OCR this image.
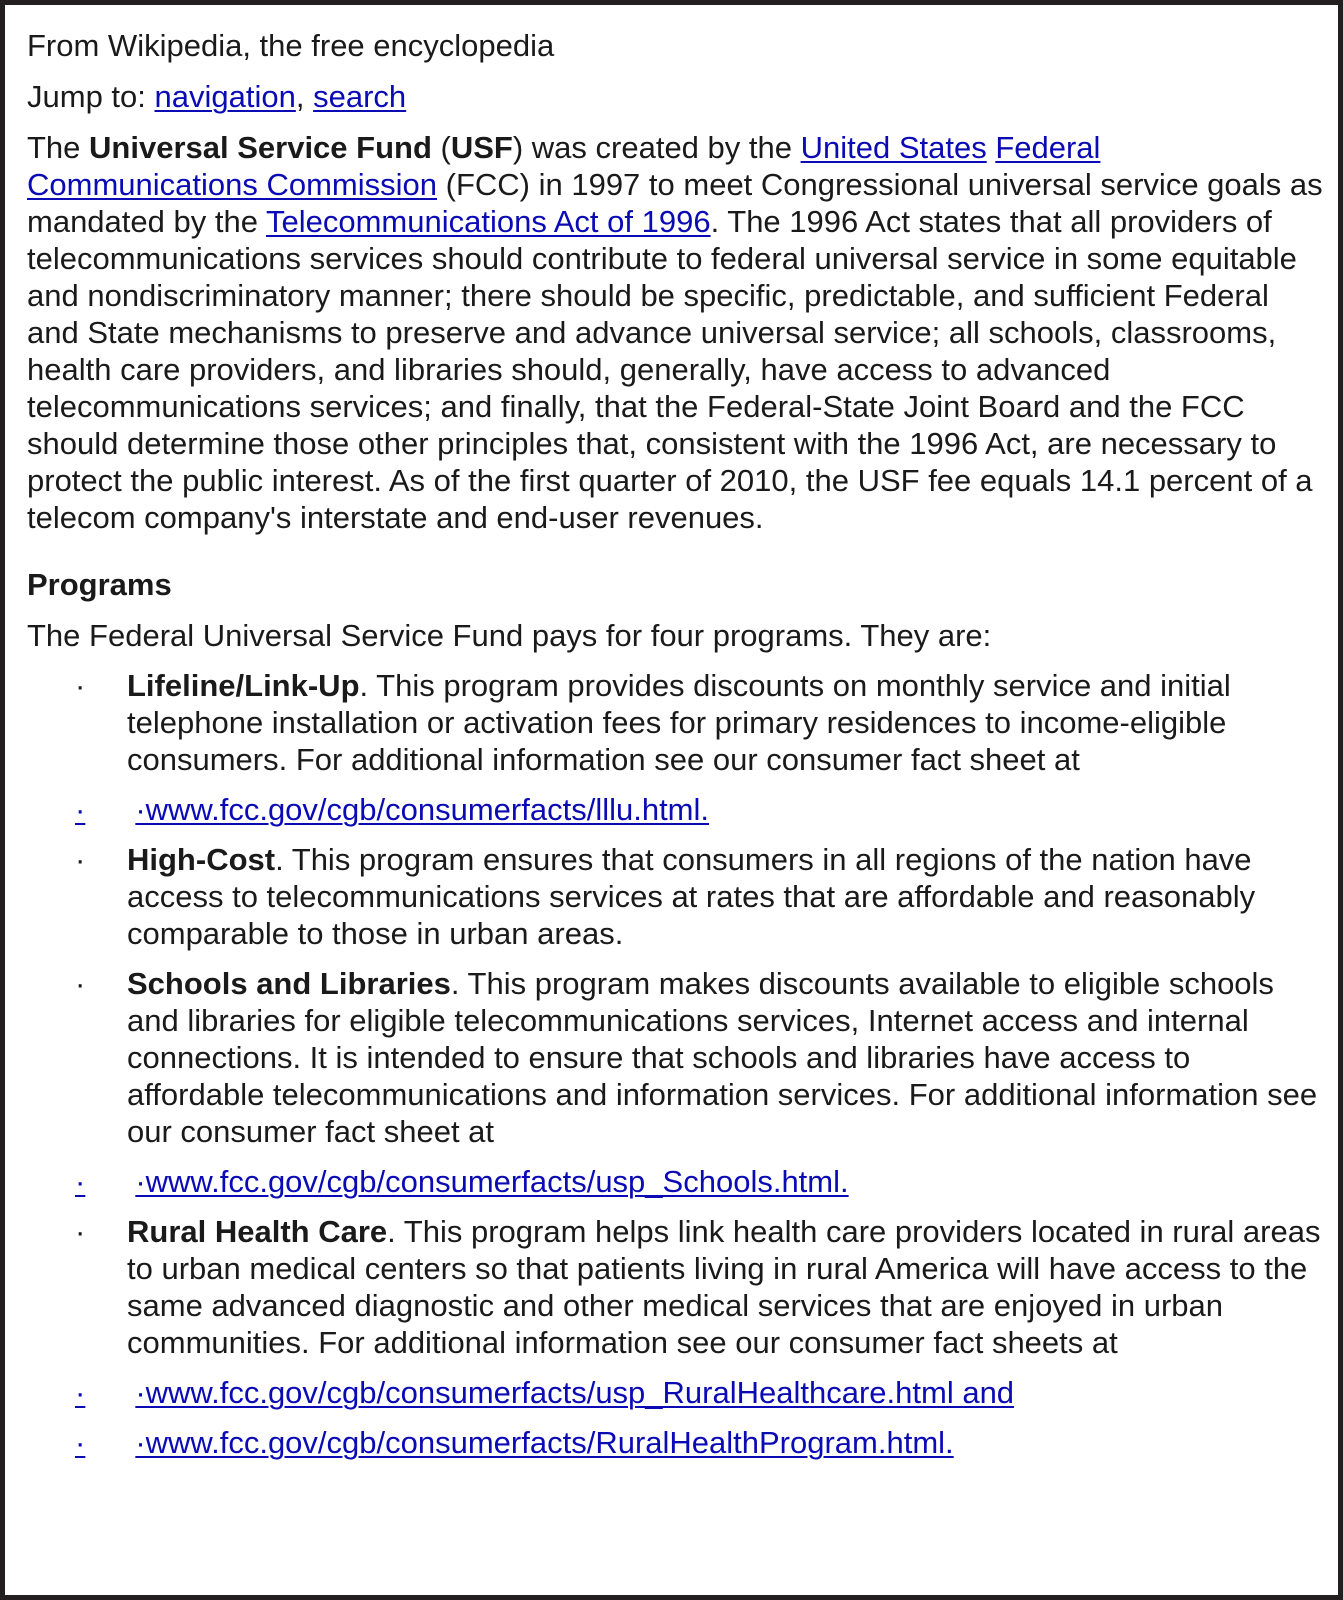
From Wikipedia, the free encyclopedia

Jump to: navigation, search

The Universal Service Fund (USF) was created by the United States Federal Communications Commission (FCC) in 1997 to meet Congressional universal service goals as mandated by the Telecommunications Act of 1996. The 1996 Act states that all providers of telecommunications services should contribute to federal universal service in some equitable and nondiscriminatory manner; there should be specific, predictable, and sufficient Federal and State mechanisms to preserve and advance universal service; all schools, classrooms, health care providers, and libraries should, generally, have access to advanced telecommunications services; and finally, that the Federal-State Joint Board and the FCC should determine those other principles that, consistent with the 1996 Act, are necessary to protect the public interest. As of the first quarter of 2010, the USF fee equals 14.1 percent of a telecom company's interstate and end-user revenues.

Programs

The Federal Universal Service Fund pays for four programs. They are:

· Lifeline/Link-Up. This program provides discounts on monthly service and initial telephone installation or activation fees for primary residences to income-eligible consumers. For additional information see our consumer fact sheet at
· ·www.fcc.gov/cgb/consumerfacts/lllu.html.
· High-Cost. This program ensures that consumers in all regions of the nation have access to telecommunications services at rates that are affordable and reasonably comparable to those in urban areas.
· Schools and Libraries. This program makes discounts available to eligible schools and libraries for eligible telecommunications services, Internet access and internal connections. It is intended to ensure that schools and libraries have access to affordable telecommunications and information services. For additional information see our consumer fact sheet at
· ·www.fcc.gov/cgb/consumerfacts/usp_Schools.html.
· Rural Health Care. This program helps link health care providers located in rural areas to urban medical centers so that patients living in rural America will have access to the same advanced diagnostic and other medical services that are enjoyed in urban communities. For additional information see our consumer fact sheets at
· ·www.fcc.gov/cgb/consumerfacts/usp_RuralHealthcare.html and
· ·www.fcc.gov/cgb/consumerfacts/RuralHealthProgram.html.
